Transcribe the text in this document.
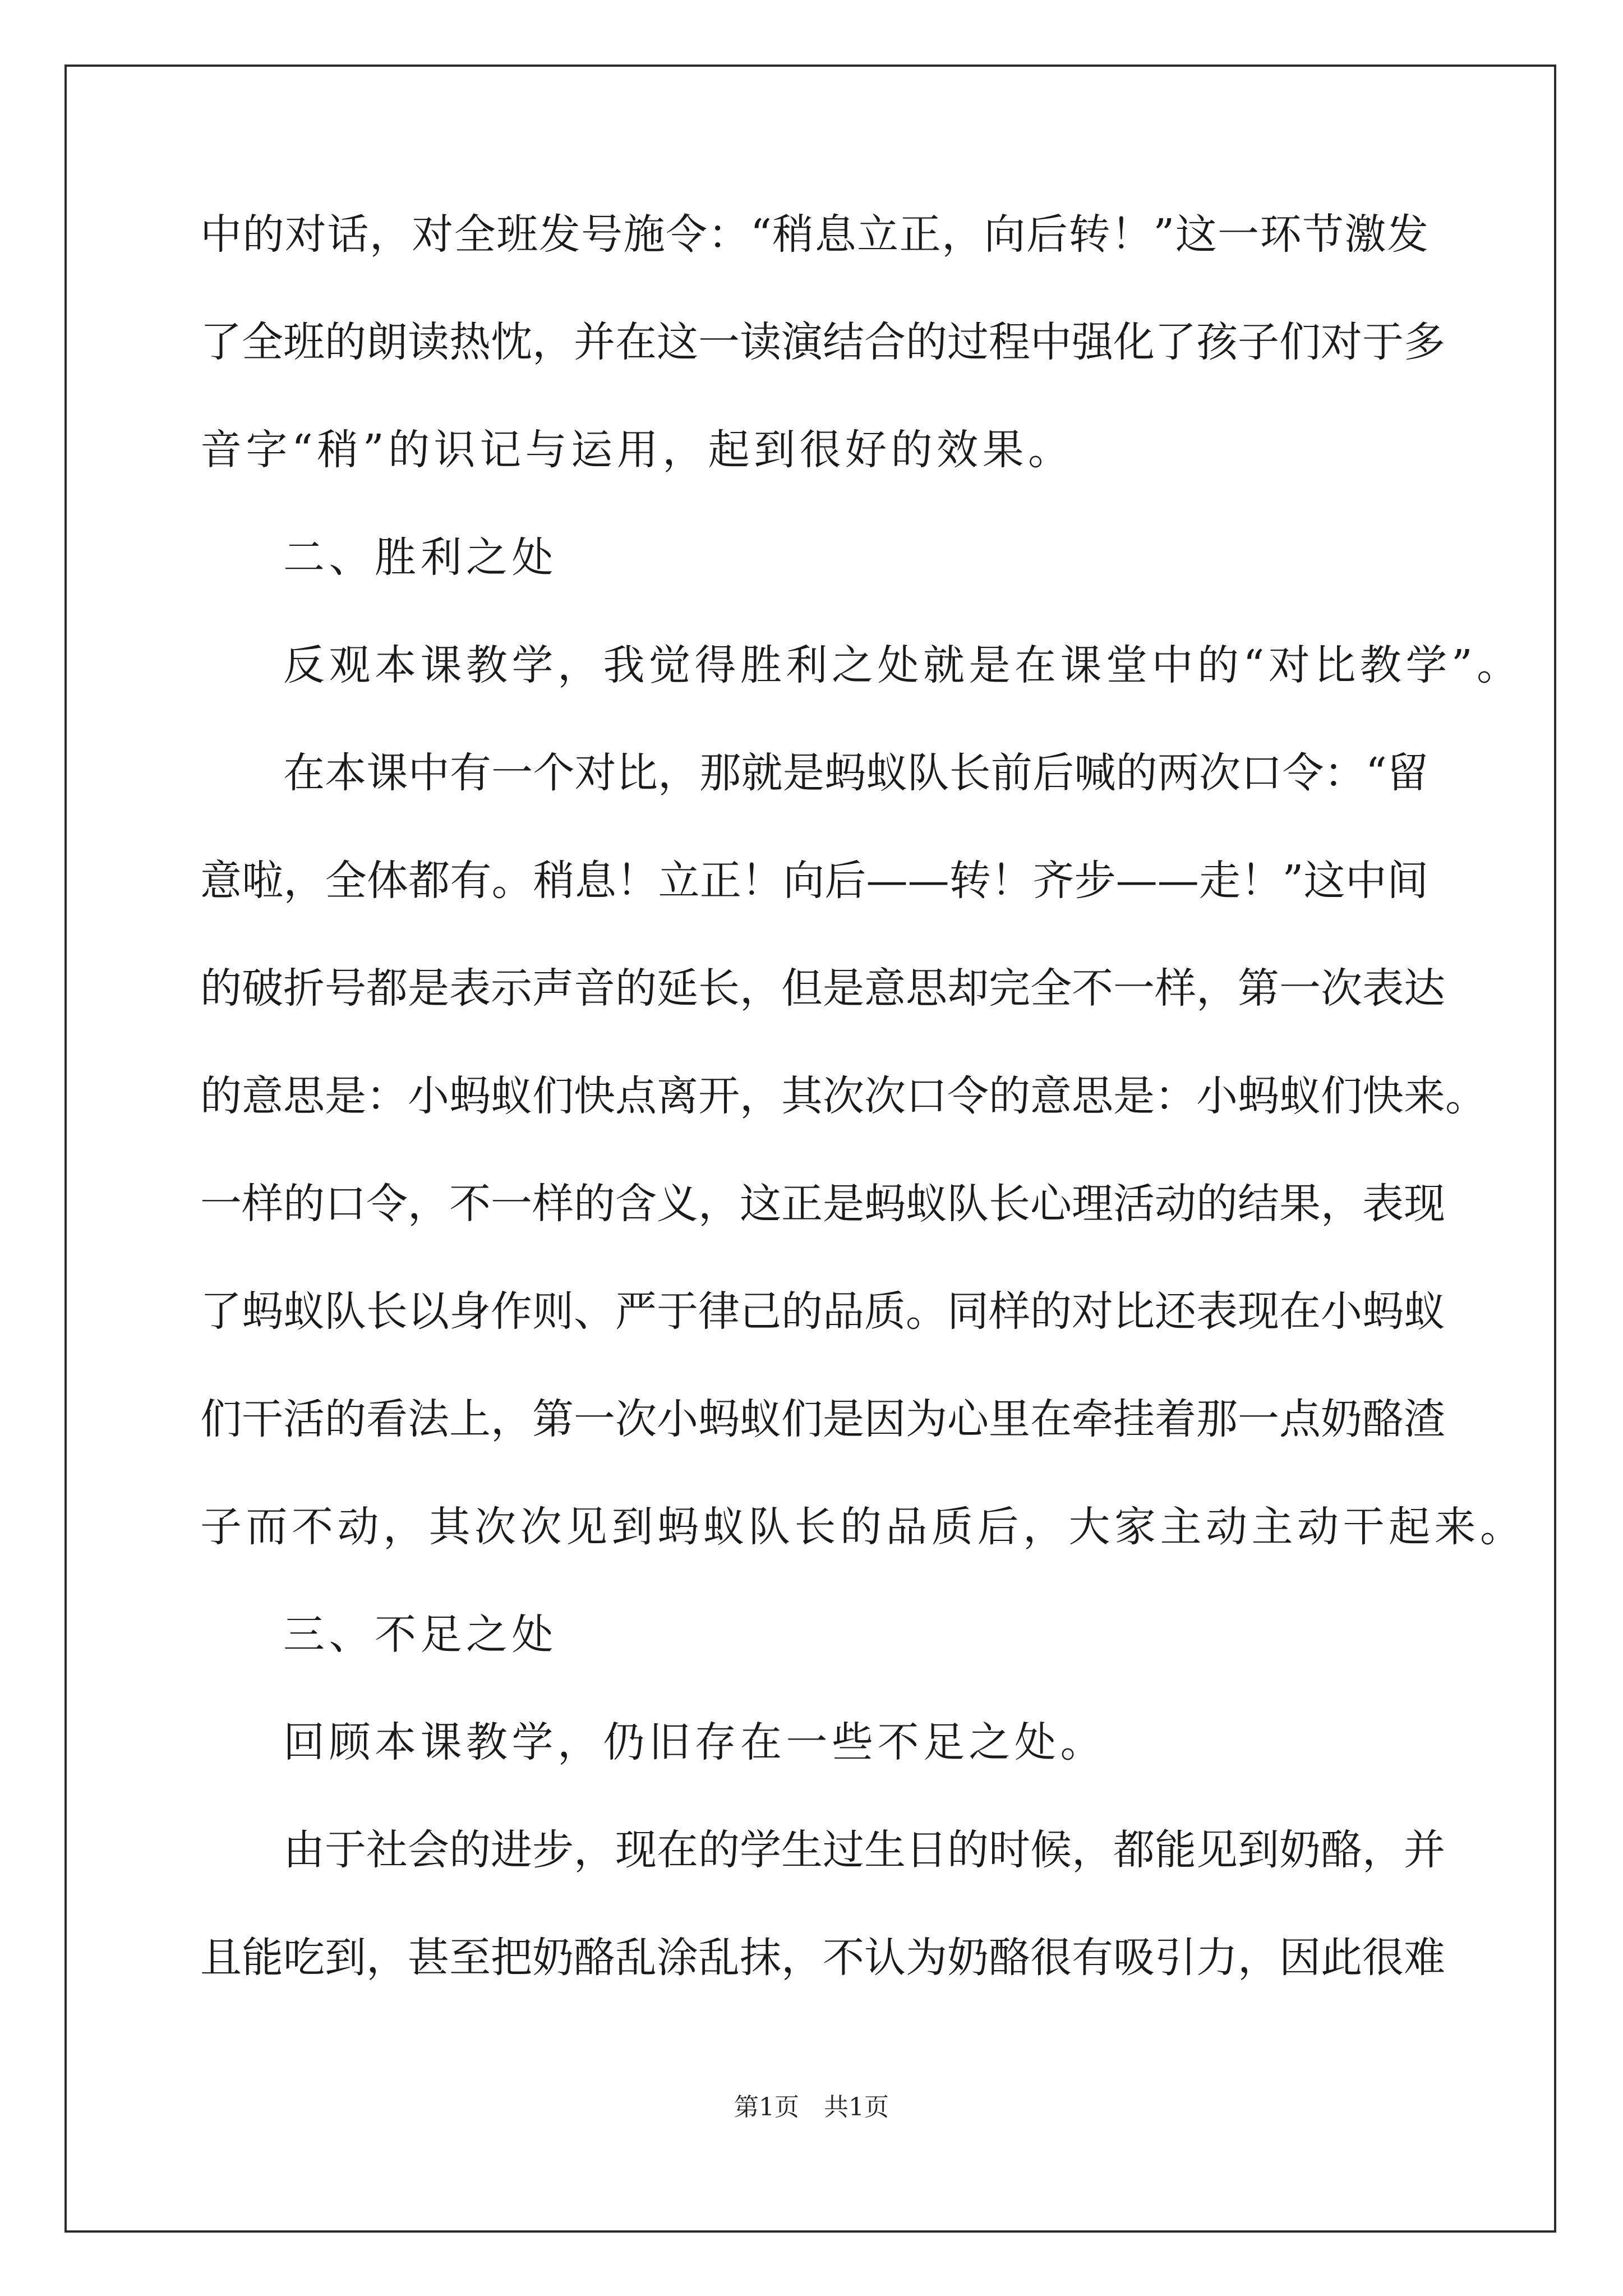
中的对话，对全班发号施令：“稍息立正，向后转！”这一环节激发
了全班的朗读热忱，并在这一读演结合的过程中强化了孩子们对于多
音字“稍”的识记与运用，起到很好的效果。
二、胜利之处
反观本课教学，我觉得胜利之处就是在课堂中的“对比教学”。
在本课中有一个对比，那就是蚂蚁队长前后喊的两次口令：“留
意啦，全体都有。稍息！立正！向后——转！齐步——走！”这中间
的破折号都是表示声音的延长，但是意思却完全不一样，第一次表达
的意思是：小蚂蚁们快点离开，其次次口令的意思是：小蚂蚁们快来。
一样的口令，不一样的含义，这正是蚂蚁队长心理活动的结果，表现
了蚂蚁队长以身作则、严于律己的品质。同样的对比还表现在小蚂蚁
们干活的看法上，第一次小蚂蚁们是因为心里在牵挂着那一点奶酪渣
子而不动，其次次见到蚂蚁队长的品质后，大家主动主动干起来。
三、不足之处
回顾本课教学，仍旧存在一些不足之处。
由于社会的进步，现在的学生过生日的时候，都能见到奶酪，并
且能吃到，甚至把奶酪乱涂乱抹，不认为奶酪很有吸引力，因此很难
第1页　共1页
